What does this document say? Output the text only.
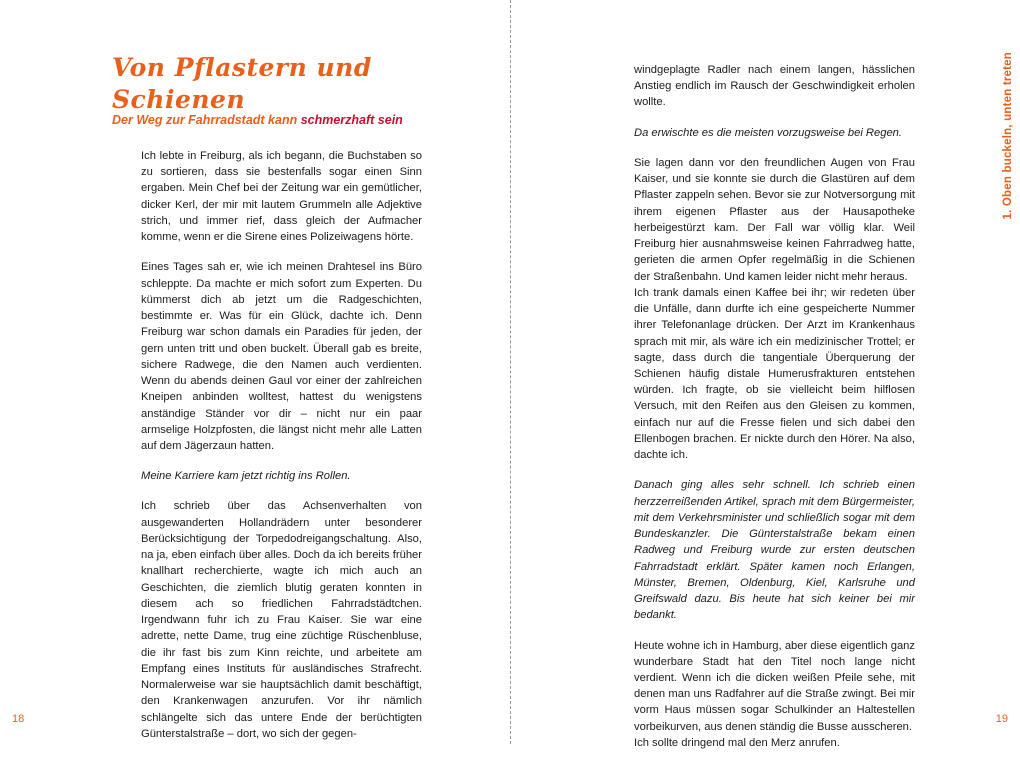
Von Pflastern und Schienen
Der Weg zur Fahrradstadt kann schmerzhaft sein

Ich lebte in Freiburg, als ich begann, die Buchstaben so zu sortieren, dass sie bestenfalls sogar einen Sinn ergaben. Mein Chef bei der Zeitung war ein gemütlicher, dicker Kerl, der mir mit lautem Grummeln alle Adjektive strich, und immer rief, dass gleich der Aufmacher komme, wenn er die Sirene eines Polizeiwagens hörte.

Eines Tages sah er, wie ich meinen Drahtesel ins Büro schleppte. Da machte er mich sofort zum Experten. Du kümmerst dich ab jetzt um die Radgeschichten, bestimmte er. Was für ein Glück, dachte ich. Denn Freiburg war schon damals ein Paradies für jeden, der gern unten tritt und oben buckelt. Überall gab es breite, sichere Radwege, die den Namen auch verdienten. Wenn du abends deinen Gaul vor einer der zahlreichen Kneipen anbinden wolltest, hattest du wenigstens anständige Ständer vor dir – nicht nur ein paar armselige Holzpfosten, die längst nicht mehr alle Latten auf dem Jägerzaun hatten.

Meine Karriere kam jetzt richtig ins Rollen.

Ich schrieb über das Achsenverhalten von ausgewanderten Hollandrädern unter besonderer Berücksichtigung der Torpedodreigangschaltung. Also, na ja, eben einfach über alles. Doch da ich bereits früher knallhart recherchierte, wagte ich mich auch an Geschichten, die ziemlich blutig geraten konnten in diesem ach so friedlichen Fahrradstädtchen. Irgendwann fuhr ich zu Frau Kaiser. Sie war eine adrette, nette Dame, trug eine züchtige Rüschenbluse, die ihr fast bis zum Kinn reichte, und arbeitete am Empfang eines Instituts für ausländisches Strafrecht. Normalerweise war sie hauptsächlich damit beschäftigt, den Krankenwagen anzurufen. Vor ihr nämlich schlängelte sich das untere Ende der berüchtigten Günterstalstraße – dort, wo sich der gegen-

18

windgeplagte Radler nach einem langen, hässlichen Anstieg endlich im Rausch der Geschwindigkeit erholen wollte.

Da erwischte es die meisten vorzugsweise bei Regen.

Sie lagen dann vor den freundlichen Augen von Frau Kaiser, und sie konnte sie durch die Glastüren auf dem Pflaster zappeln sehen. Bevor sie zur Notversorgung mit ihrem eigenen Pflaster aus der Hausapotheke herbeigestürzt kam. Der Fall war völlig klar. Weil Freiburg hier ausnahmsweise keinen Fahrradweg hatte, gerieten die armen Opfer regelmäßig in die Schienen der Straßenbahn. Und kamen leider nicht mehr heraus.

Ich trank damals einen Kaffee bei ihr; wir redeten über die Unfälle, dann durfte ich eine gespeicherte Nummer ihrer Telefonanlage drücken. Der Arzt im Krankenhaus sprach mit mir, als wäre ich ein medizinischer Trottel; er sagte, dass durch die tangentiale Überquerung der Schienen häufig distale Humerusfrakturen entstehen würden. Ich fragte, ob sie vielleicht beim hilflosen Versuch, mit den Reifen aus den Gleisen zu kommen, einfach nur auf die Fresse fielen und sich dabei den Ellenbogen brachen. Er nickte durch den Hörer. Na also, dachte ich.

Danach ging alles sehr schnell. Ich schrieb einen herzzerreißenden Artikel, sprach mit dem Bürgermeister, mit dem Verkehrsminister und schließlich sogar mit dem Bundeskanzler. Die Günterstalstraße bekam einen Radweg und Freiburg wurde zur ersten deutschen Fahrradstadt erklärt. Später kamen noch Erlangen, Münster, Bremen, Oldenburg, Kiel, Karlsruhe und Greifswald dazu. Bis heute hat sich keiner bei mir bedankt.

Heute wohne ich in Hamburg, aber diese eigentlich ganz wunderbare Stadt hat den Titel noch lange nicht verdient. Wenn ich die dicken weißen Pfeile sehe, mit denen man uns Radfahrer auf die Straße zwingt. Bei mir vorm Haus müssen sogar Schulkinder an Haltestellen vorbeikurven, aus denen ständig die Busse ausscheren.

Ich sollte dringend mal den Merz anrufen.

1. Oben buckeln, unten treten
19
